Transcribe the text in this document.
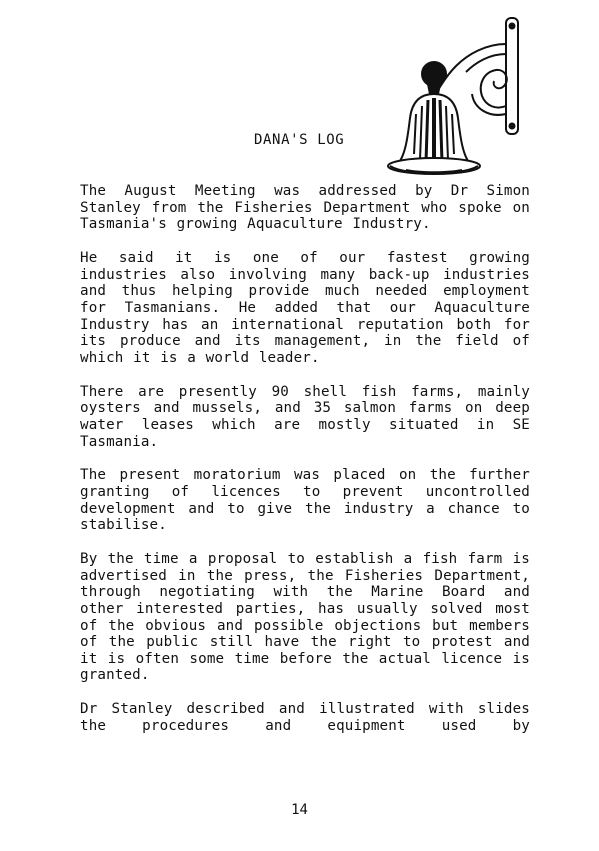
DANA'S LOG

The August Meeting was addressed by Dr Simon Stanley from the Fisheries Department who spoke on Tasmania's growing Aquaculture Industry.

He said it is one of our fastest growing industries also involving many back-up industries and thus helping provide much needed employment for Tasmanians. He added that our Aquaculture Industry has an international reputation both for its produce and its management, in the field of which it is a world leader.

There are presently 90 shell fish farms, mainly oysters and mussels, and 35 salmon farms on deep water leases which are mostly situated in SE Tasmania.

The present moratorium was placed on the further granting of licences to prevent uncontrolled development and to give the industry a chance to stabilise.

By the time a proposal to establish a fish farm is advertised in the press, the Fisheries Department, through negotiating with the Marine Board and other interested parties, has usually solved most of the obvious and possible objections but members of the public still have the right to protest and it is often some time before the actual licence is granted.

Dr Stanley described and illustrated with slides the procedures and equipment used by

14
